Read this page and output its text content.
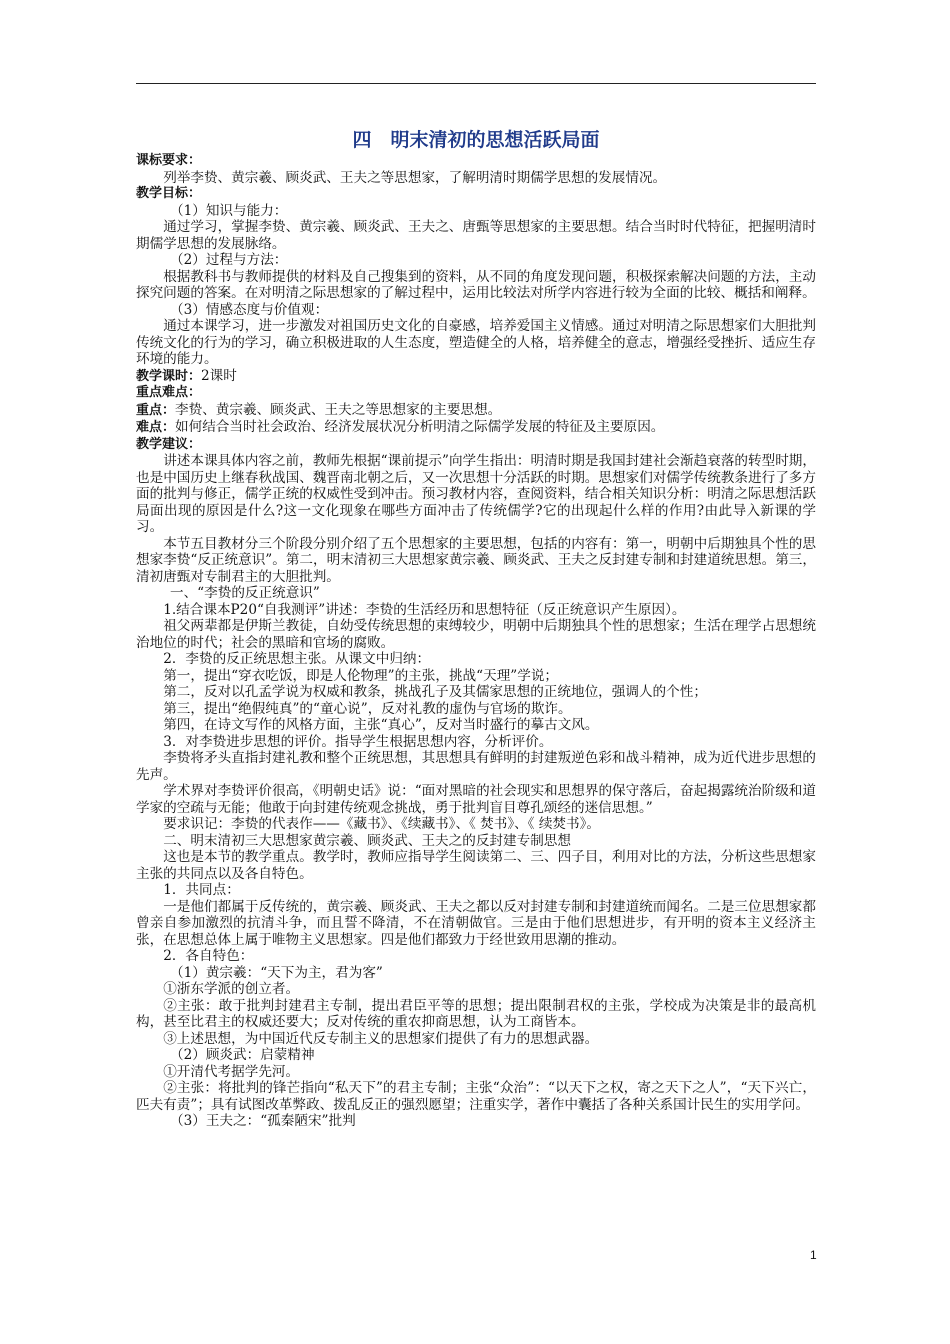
四　明末清初的思想活跃局面
课标要求：
列举李贽、黄宗羲、顾炎武、王夫之等思想家，了解明清时期儒学思想的发展情况。
教学目标：
（1）知识与能力：
通过学习，掌握李贽、黄宗羲、顾炎武、王夫之、唐甄等思想家的主要思想。结合当时时代特征，把握明清时期儒学思想的发展脉络。
（2）过程与方法：
根据教科书与教师提供的材料及自己搜集到的资料，从不同的角度发现问题，积极探索解决问题的方法，主动探究问题的答案。在对明清之际思想家的了解过程中，运用比较法对所学内容进行较为全面的比较、概括和阐释。
（3）情感态度与价值观：
通过本课学习，进一步激发对祖国历史文化的自豪感，培养爱国主义情感。通过对明清之际思想家们大胆批判传统文化的行为的学习，确立积极进取的人生态度，塑造健全的人格，培养健全的意志，增强经受挫折、适应生存环境的能力。
教学课时：2课时
重点难点：
重点：李贽、黄宗羲、顾炎武、王夫之等思想家的主要思想。
难点：如何结合当时社会政治、经济发展状况分析明清之际儒学发展的特征及主要原因。
教学建议：
讲述本课具体内容之前，教师先根据“课前提示”向学生指出：明清时期是我国封建社会渐趋衰落的转型时期，也是中国历史上继春秋战国、魏晋南北朝之后，又一次思想十分活跃的时期。思想家们对儒学传统教条进行了多方面的批判与修正，儒学正统的权威性受到冲击。预习教材内容，查阅资料，结合相关知识分析：明清之际思想活跃局面出现的原因是什么?这一文化现象在哪些方面冲击了传统儒学?它的出现起什么样的作用?由此导入新课的学习。
本节五目教材分三个阶段分别介绍了五个思想家的主要思想，包括的内容有：第一，明朝中后期独具个性的思想家李贽“反正统意识”。第二，明末清初三大思想家黄宗羲、顾炎武、王夫之反封建专制和封建道统思想。第三，清初唐甄对专制君主的大胆批判。
一、“李贽的反正统意识”
1.结合课本P20“自我测评”讲述：李贽的生活经历和思想特征（反正统意识产生原因）。
祖父两辈都是伊斯兰教徒，自幼受传统思想的束缚较少，明朝中后期独具个性的思想家；生活在理学占思想统治地位的时代；社会的黑暗和官场的腐败。
2．李贽的反正统思想主张。从课文中归纳：
第一，提出“穿衣吃饭，即是人伦物理”的主张，挑战“天理”学说；
第二，反对以孔孟学说为权威和教条，挑战孔子及其儒家思想的正统地位，强调人的个性；
第三，提出“绝假纯真”的“童心说”，反对礼教的虚伪与官场的欺诈。
第四，在诗文写作的风格方面，主张“真心”，反对当时盛行的摹古文风。
3．对李贽进步思想的评价。指导学生根据思想内容，分析评价。
李贽将矛头直指封建礼教和整个正统思想，其思想具有鲜明的封建叛逆色彩和战斗精神，成为近代进步思想的先声。
学术界对李贽评价很高，《明朝史话》说：“面对黑暗的社会现实和思想界的保守落后，奋起揭露统治阶级和道学家的空疏与无能；他敢于向封建传统观念挑战，勇于批判盲目尊孔颂经的迷信思想。”
要求识记：李贽的代表作——《藏书》、《续藏书》、《 焚书》、《 续焚书》。
二、明末清初三大思想家黄宗羲、顾炎武、王夫之的反封建专制思想
这也是本节的教学重点。教学时，教师应指导学生阅读第二、三、四子目，利用对比的方法，分析这些思想家主张的共同点以及各自特色。
1．共同点：
一是他们都属于反传统的，黄宗羲、顾炎武、王夫之都以反对封建专制和封建道统而闻名。二是三位思想家都曾亲自参加激烈的抗清斗争，而且誓不降清，不在清朝做官。三是由于他们思想进步，有开明的资本主义经济主张，在思想总体上属于唯物主义思想家。四是他们都致力于经世致用思潮的推动。
2．各自特色：
（1）黄宗羲：“天下为主，君为客”
①浙东学派的创立者。
②主张：敢于批判封建君主专制，提出君臣平等的思想；提出限制君权的主张，学校成为决策是非的最高机构，甚至比君主的权威还要大；反对传统的重农抑商思想，认为工商皆本。
③上述思想，为中国近代反专制主义的思想家们提供了有力的思想武器。
（2）顾炎武：启蒙精神
①开清代考据学先河。
②主张：将批判的锋芒指向“私天下”的君主专制；主张“众治”：“以天下之权，寄之天下之人”，“天下兴亡，匹夫有责”；具有试图改革弊政、拨乱反正的强烈愿望；注重实学，著作中囊括了各种关系国计民生的实用学问。
（3）王夫之：“孤秦陋宋”批判
1
